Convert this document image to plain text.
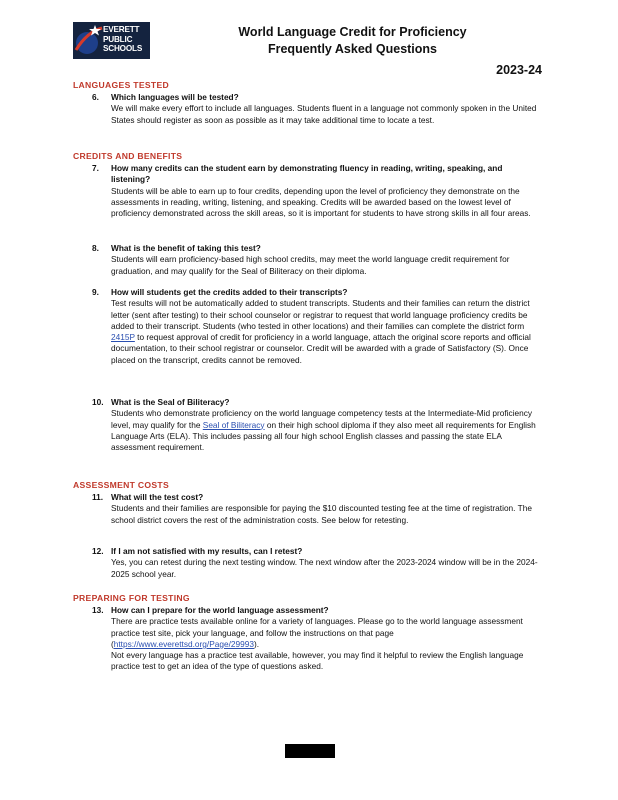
EVERETT
PUBLIC
SCHOOLS
World Language Credit for Proficiency
Frequently Asked Questions
2023-24
LANGUAGES TESTED
6. Which languages will be tested?
We will make every effort to include all languages. Students fluent in a language not commonly spoken in the United States should register as soon as possible as it may take additional time to locate a test.
CREDITS AND BENEFITS
7. How many credits can the student earn by demonstrating fluency in reading, writing, speaking, and listening?
Students will be able to earn up to four credits, depending upon the level of proficiency they demonstrate on the assessments in reading, writing, listening, and speaking. Credits will be awarded based on the lowest level of proficiency demonstrated across the skill areas, so it is important for students to have strong skills in all four areas.
8. What is the benefit of taking this test?
Students will earn proficiency-based high school credits, may meet the world language credit requirement for graduation, and may qualify for the Seal of Biliteracy on their diploma.
9. How will students get the credits added to their transcripts?
Test results will not be automatically added to student transcripts. Students and their families can return the district letter (sent after testing) to their school counselor or registrar to request that world language proficiency credits be added to their transcript. Students (who tested in other locations) and their families can complete the district form 2415P to request approval of credit for proficiency in a world language, attach the original score reports and official documentation, to their school registrar or counselor. Credit will be awarded with a grade of Satisfactory (S). Once placed on the transcript, credits cannot be removed.
10. What is the Seal of Biliteracy?
Students who demonstrate proficiency on the world language competency tests at the Intermediate-Mid proficiency level, may qualify for the Seal of Biliteracy on their high school diploma if they also meet all requirements for English Language Arts (ELA). This includes passing all four high school English classes and passing the state ELA assessment requirement.
ASSESSMENT COSTS
11. What will the test cost?
Students and their families are responsible for paying the $10 discounted testing fee at the time of registration. The school district covers the rest of the administration costs. See below for retesting.
12. If I am not satisfied with my results, can I retest?
Yes, you can retest during the next testing window. The next window after the 2023-2024 window will be in the 2024-2025 school year.
PREPARING FOR TESTING
13. How can I prepare for the world language assessment?
There are practice tests available online for a variety of languages. Please go to the world language assessment practice test site, pick your language, and follow the instructions on that page (https://www.everettsd.org/Page/29993).
Not every language has a practice test available, however, you may find it helpful to review the English language practice test to get an idea of the type of questions asked.
